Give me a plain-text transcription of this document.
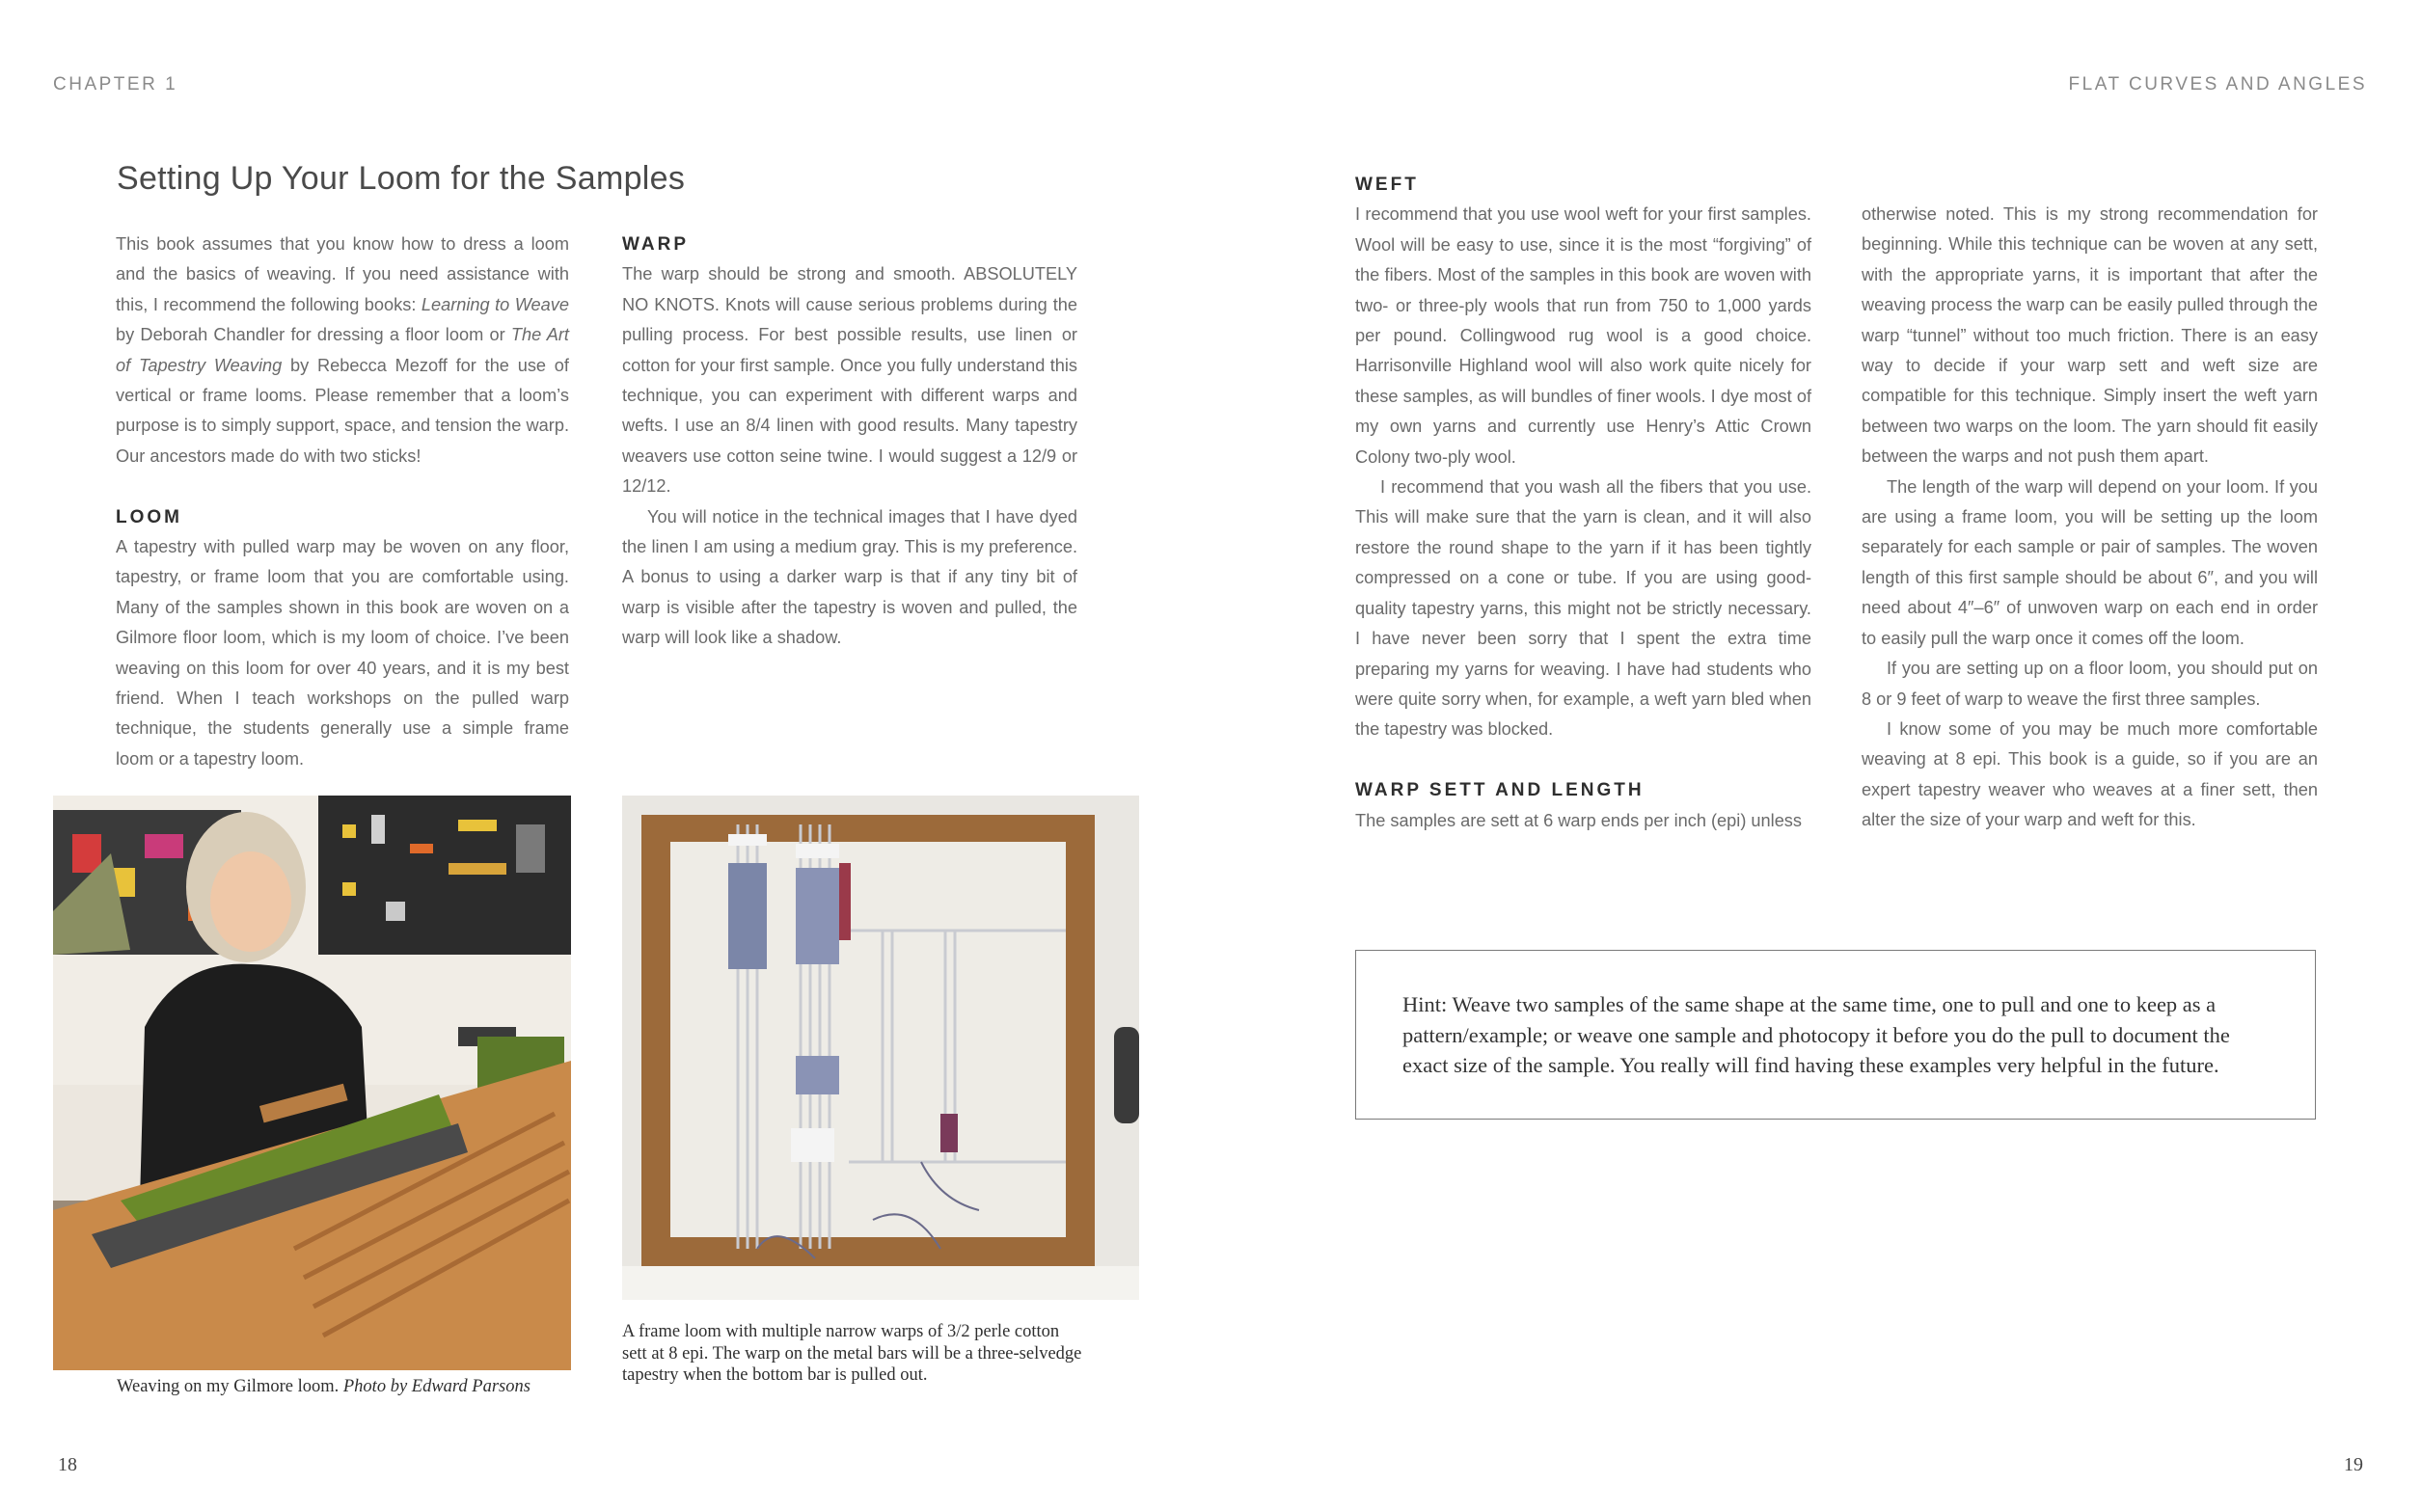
CHAPTER 1	FLAT CURVES AND ANGLES
Setting Up Your Loom for the Samples

This book assumes that you know how to dress a loom and the basics of weaving. If you need assistance with this, I recommend the following books: Learning to Weave by Deborah Chandler for dressing a floor loom or The Art of Tapestry Weaving by Rebecca Mezoff for the use of vertical or frame looms. Please remember that a loom’s purpose is to simply support, space, and tension the warp. Our ancestors made do with two sticks!

LOOM

A tapestry with pulled warp may be woven on any floor, tapestry, or frame loom that you are comfortable using. Many of the samples shown in this book are woven on a Gilmore floor loom, which is my loom of choice. I’ve been weaving on this loom for over 40 years, and it is my best friend. When I teach workshops on the pulled warp technique, the students generally use a simple frame loom or a tapestry loom.

WARP

The warp should be strong and smooth. ABSOLUTELY NO KNOTS. Knots will cause serious problems during the pulling process. For best possible results, use linen or cotton for your first sample. Once you fully understand this technique, you can experiment with different warps and wefts. I use an 8/4 linen with good results. Many tapestry weavers use cotton seine twine. I would suggest a 12/9 or 12/12.

You will notice in the technical images that I have dyed the linen I am using a medium gray. This is my preference. A bonus to using a darker warp is that if any tiny bit of warp is visible after the tapestry is woven and pulled, the warp will look like a shadow.

WEFT

I recommend that you use wool weft for your first samples. Wool will be easy to use, since it is the most “forgiving” of the fibers. Most of the samples in this book are woven with two- or three-ply wools that run from 750 to 1,000 yards per pound. Collingwood rug wool is a good choice. Harrisonville Highland wool will also work quite nicely for these samples, as will bundles of finer wools. I dye most of my own yarns and currently use Henry’s Attic Crown Colony two-ply wool.

I recommend that you wash all the fibers that you use. This will make sure that the yarn is clean, and it will also restore the round shape to the yarn if it has been tightly compressed on a cone or tube. If you are using good-quality tapestry yarns, this might not be strictly necessary. I have never been sorry that I spent the extra time preparing my yarns for weaving. I have had students who were quite sorry when, for example, a weft yarn bled when the tapestry was blocked.

WARP SETT AND LENGTH

The samples are sett at 6 warp ends per inch (epi) unless

otherwise noted. This is my strong recommendation for beginning. While this technique can be woven at any sett, with the appropriate yarns, it is important that after the weaving process the warp can be easily pulled through the warp “tunnel” without too much friction. There is an easy way to decide if your warp sett and weft size are compatible for this technique. Simply insert the weft yarn between two warps on the loom. The yarn should fit easily between the warps and not push them apart.

The length of the warp will depend on your loom. If you are using a frame loom, you will be setting up the loom separately for each sample or pair of samples. The woven length of this first sample should be about 6″, and you will need about 4″–6″ of unwoven warp on each end in order to easily pull the warp once it comes off the loom.

If you are setting up on a floor loom, you should put on 8 or 9 feet of warp to weave the first three samples.

I know some of you may be much more comfortable weaving at 8 epi. This book is a guide, so if you are an expert tapestry weaver who weaves at a finer sett, then alter the size of your warp and weft for this.

Weaving on my Gilmore loom. Photo by Edward Parsons
A frame loom with multiple narrow warps of 3/2 perle cotton sett at 8 epi. The warp on the metal bars will be a three-selvedge tapestry when the bottom bar is pulled out.
Hint: Weave two samples of the same shape at the same time, one to pull and one to keep as a pattern/example; or weave one sample and photocopy it before you do the pull to document the exact size of the sample. You really will find having these examples very helpful in the future.
18	19
